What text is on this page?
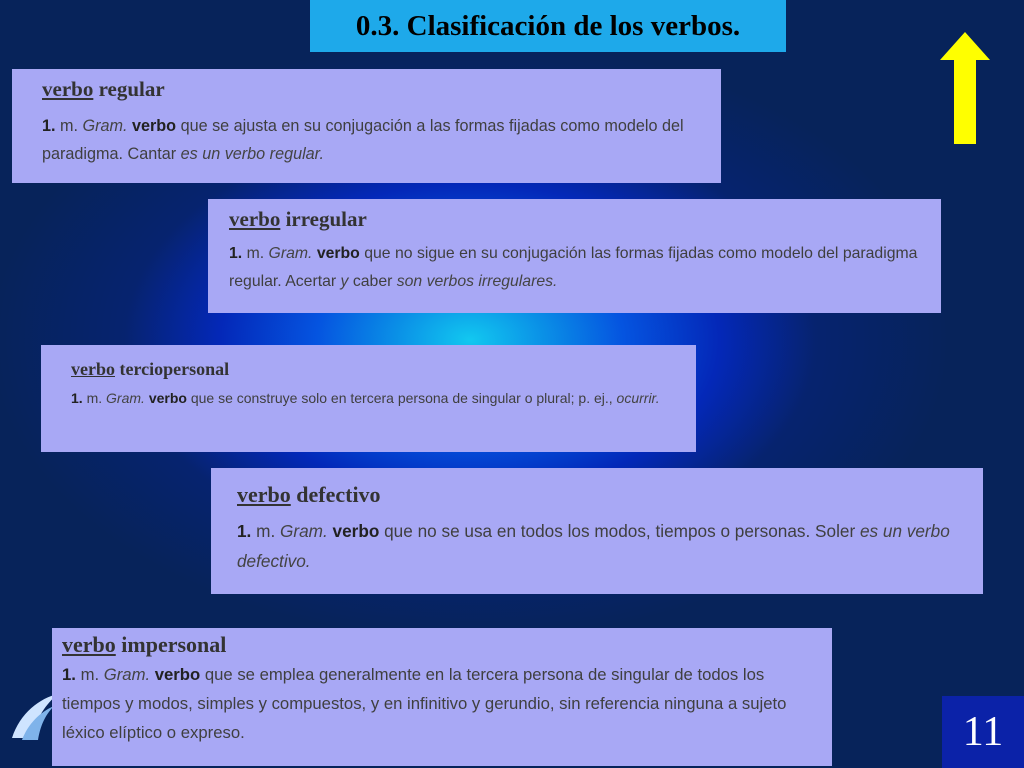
0.3. Clasificación de los verbos.
verbo regular
1. m. Gram. verbo que se ajusta en su conjugación a las formas fijadas como modelo del paradigma. Cantar es un verbo regular.
verbo irregular
1. m. Gram. verbo que no sigue en su conjugación las formas fijadas como modelo del paradigma regular. Acertar y caber son verbos irregulares.
verbo terciopersonal
1. m. Gram. verbo que se construye solo en tercera persona de singular o plural; p. ej., ocurrir.
verbo defectivo
1. m. Gram. verbo que no se usa en todos los modos, tiempos o personas. Soler es un verbo defectivo.
verbo impersonal
1. m. Gram. verbo que se emplea generalmente en la tercera persona de singular de todos los tiempos y modos, simples y compuestos, y en infinitivo y gerundio, sin referencia ninguna a sujeto léxico elíptico o expreso.	11
